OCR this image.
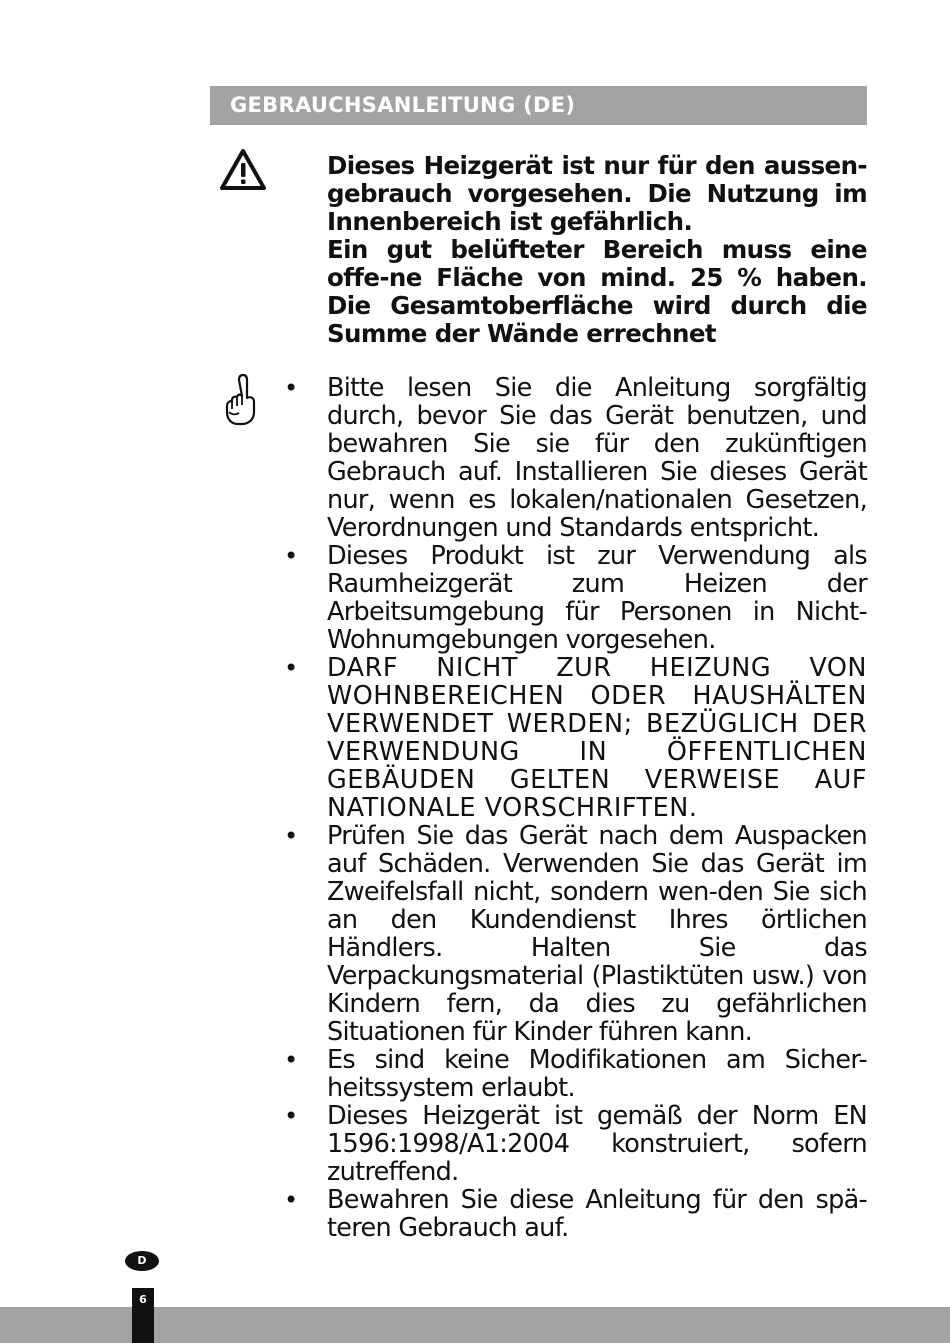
GEBRAUCHSANLEITUNG (DE)

Dieses Heizgerät ist nur für den aussen-gebrauch vorgesehen. Die Nutzung im Innenbereich ist gefährlich.

Ein gut belüfteter Bereich muss eine offe-ne Fläche von mind. 25 % haben. Die Gesamtoberfläche wird durch die Summe der Wände errechnet

• Bitte lesen Sie die Anleitung sorgfältig durch, bevor Sie das Gerät benutzen, und bewahren Sie sie für den zukünftigen Gebrauch auf. Installieren Sie dieses Gerät nur, wenn es lokalen/nationalen Gesetzen, Verordnungen und Standards entspricht.
• Dieses Produkt ist zur Verwendung als Raumheizgerät zum Heizen der Arbeitsumgebung für Personen in Nicht-Wohnumgebungen vorgesehen.
• DARF NICHT ZUR HEIZUNG VON WOHNBEREICHEN ODER HAUSHÄLTEN VERWENDET WERDEN; BEZÜGLICH DER VERWENDUNG IN ÖFFENTLICHEN GEBÄUDEN GELTEN VERWEISE AUF NATIONALE VORSCHRIFTEN.
• Prüfen Sie das Gerät nach dem Auspacken auf Schäden. Verwenden Sie das Gerät im Zweifelsfall nicht, sondern wen-den Sie sich an den Kundendienst Ihres örtlichen Händlers. Halten Sie das Verpackungsmaterial (Plastiktüten usw.) von Kindern fern, da dies zu gefährlichen Situationen für Kinder führen kann.
• Es sind keine Modifikationen am Sicher-heitssystem erlaubt.
• Dieses Heizgerät ist gemäß der Norm EN 1596:1998/A1:2004 konstruiert, sofern zutreffend.
• Bewahren Sie diese Anleitung für den spä-teren Gebrauch auf.
D
6
